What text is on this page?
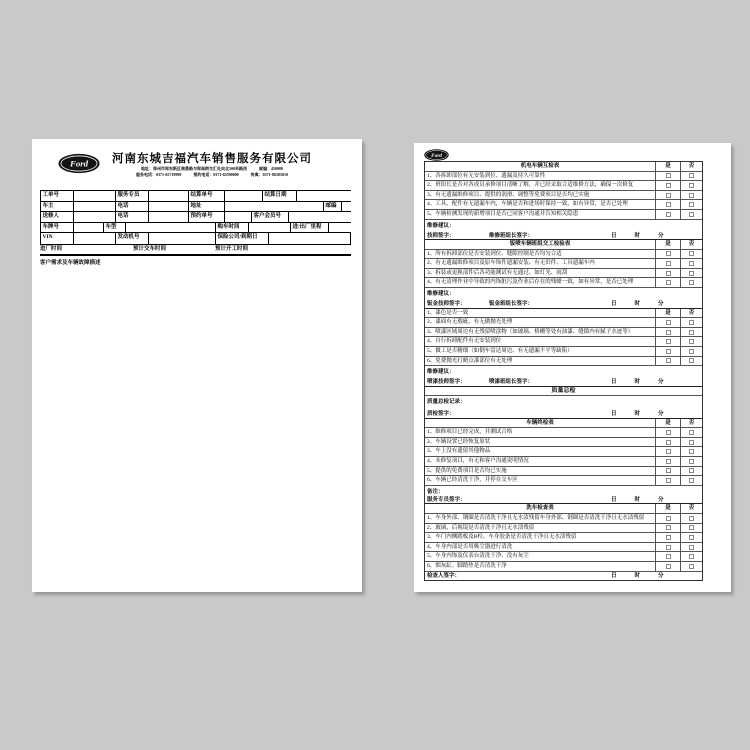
Ford	河南东城吉福汽车销售服务有限公司
地址：郑州市郑东新区商鼎路与郑南街交汇处向北500米路西	邮编：450000
服务电话：0371-65719999	预约电话：0371-65590000	传真：0371-86585010
工单号	服务专员	结算单号	结算日期
车主	电话	地址	邮编
送修人	电话	预约单号	客户会员号
车牌号	车型	购车时间	进/出厂里程
VIN	发动机号	保险公司/到期日
进厂时间	预计交车时间	预计开工时间
客户需求及车辆故障描述
Ford
机电车辆互检表	是	否
1、各拆卸部位有无安装到位、遗漏及持久可靠性
2、班组长是否对各成员承修项目清晰了解，并已经采取合适维修方法，确保一次修复
3、有无遗漏维修项目、提供的润滑、调整等免费项目是否均已实施
4、工具、配件有无遗漏车内，车辆是否和进场时保持一致，如有异常，是否已处理
5、车辆检测发现的新增项目是否已同客户沟通并告知相关隐患
维修建议：
技师签字：	维修班组长签字：	日	时	分
钣喷车辆班组交工检验表	是	否
1、所有拆卸部位是否安装到位、缝隙控制是否均匀合适
2、有无遗漏维修项目及原车饰件遗漏安装、有无旧件、工具遗漏车内
3、拆装或更换部件后各功能测试有无通过、如灯光、雨刮
4、有无清理作业中导致的内饰脏污及作业后存在的残蜡一致，如有异常，是否已处理
维修建议：
钣金技师签字：	钣金班组长签字：	日	时	分
1、漆色是否一致	是	否
2、漆面有无瑕疵、有无做抛光处理
3、喷漆区域周边有无残留喷涂物（如玻璃、格栅等处有油漆、缝隙内有腻子水迹等）
4、自行拆卸配件有无安装到位
5、做工是否精细（如倒车雷达周边、有无遗漏不平等缺陷）
6、免费抛光打蜡点漆部位有无处理
维修建议：
喷漆技师签字：	喷漆班组长签字：	日	时	分
质量总检
质量总检记录：
质检签字：	日	时	分
车辆终检表	是	否
1、维修项目已经完成，并测试合格
2、车辆设置已经恢复原状
3、车上没有遗留其他物品
4、未修复项目，有无和客户沟通说明情况
5、提供的免费项目是否均已实施
6、车辆已经清洗干净，并停在交车区
备注：
服务专员签字：	日	时	分
洗车检查表	是	否
1、车身外部、钢圈是否清洗干净且无水渍残留车身外部、钢圈是否清洗干净且无水渍残留
2、玻璃、后视镜是否清洗干净且无水渍残留
3、车门内侧踏板及B柱、车身胶条是否清洗干净且无水渍残留
4、车身内部是否用吸尘器进行清洗
5、车身内饰及仪表台清洗干净、没有灰尘
6、烟灰缸、脚踏垫是否清洗干净
检查人签字：	日	时	分
